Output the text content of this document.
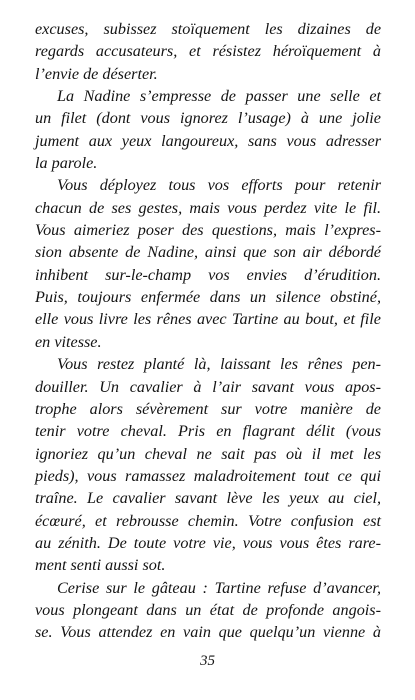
excuses, subissez stoïquement les dizaines de
regards accusateurs, et résistez héroïquement à
l’envie de déserter.
La Nadine s’empresse de passer une selle et
un filet (dont vous ignorez l’usage) à une jolie
jument aux yeux langoureux, sans vous adresser
la parole.
Vous déployez tous vos efforts pour retenir
chacun de ses gestes, mais vous perdez vite le fil.
Vous aimeriez poser des questions, mais l’expres-
sion absente de Nadine, ainsi que son air débordé
inhibent sur-le-champ vos envies d’érudition.
Puis, toujours enfermée dans un silence obstiné,
elle vous livre les rênes avec Tartine au bout, et file
en vitesse.
Vous restez planté là, laissant les rênes pen-
douiller. Un cavalier à l’air savant vous apos-
trophe alors sévèrement sur votre manière de
tenir votre cheval. Pris en flagrant délit (vous
ignoriez qu’un cheval ne sait pas où il met les
pieds), vous ramassez maladroitement tout ce qui
traîne. Le cavalier savant lève les yeux au ciel,
écœuré, et rebrousse chemin. Votre confusion est
au zénith. De toute votre vie, vous vous êtes rare-
ment senti aussi sot.
Cerise sur le gâteau : Tartine refuse d’avancer,
vous plongeant dans un état de profonde angois-
se. Vous attendez en vain que quelqu’un vienne à
35
